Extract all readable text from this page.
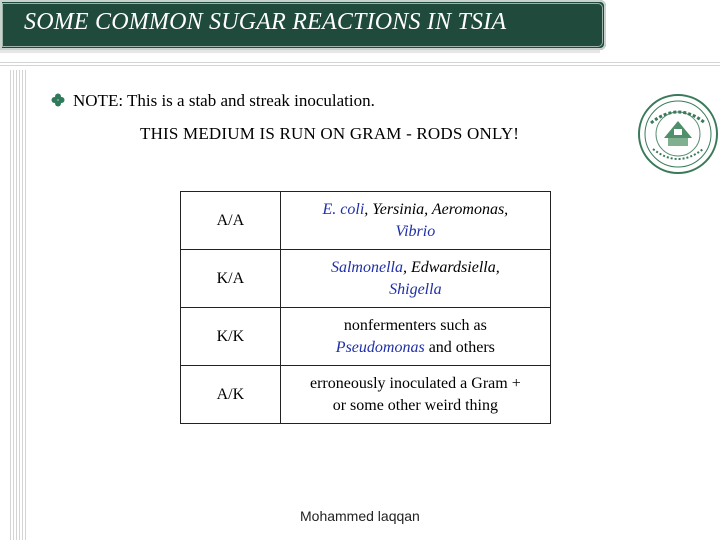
SOME COMMON SUGAR REACTIONS IN TSIA
NOTE: This is a stab and streak inoculation.
THIS MEDIUM IS RUN ON GRAM - RODS ONLY!
A/A	E. coli, Yersinia, Aeromonas,
Vibrio
K/A	Salmonella, Edwardsiella,
Shigella
K/K	nonfermenters such as
Pseudomonas and others
A/K	erroneously inoculated a Gram +
or some other weird thing
Mohammed laqqan
